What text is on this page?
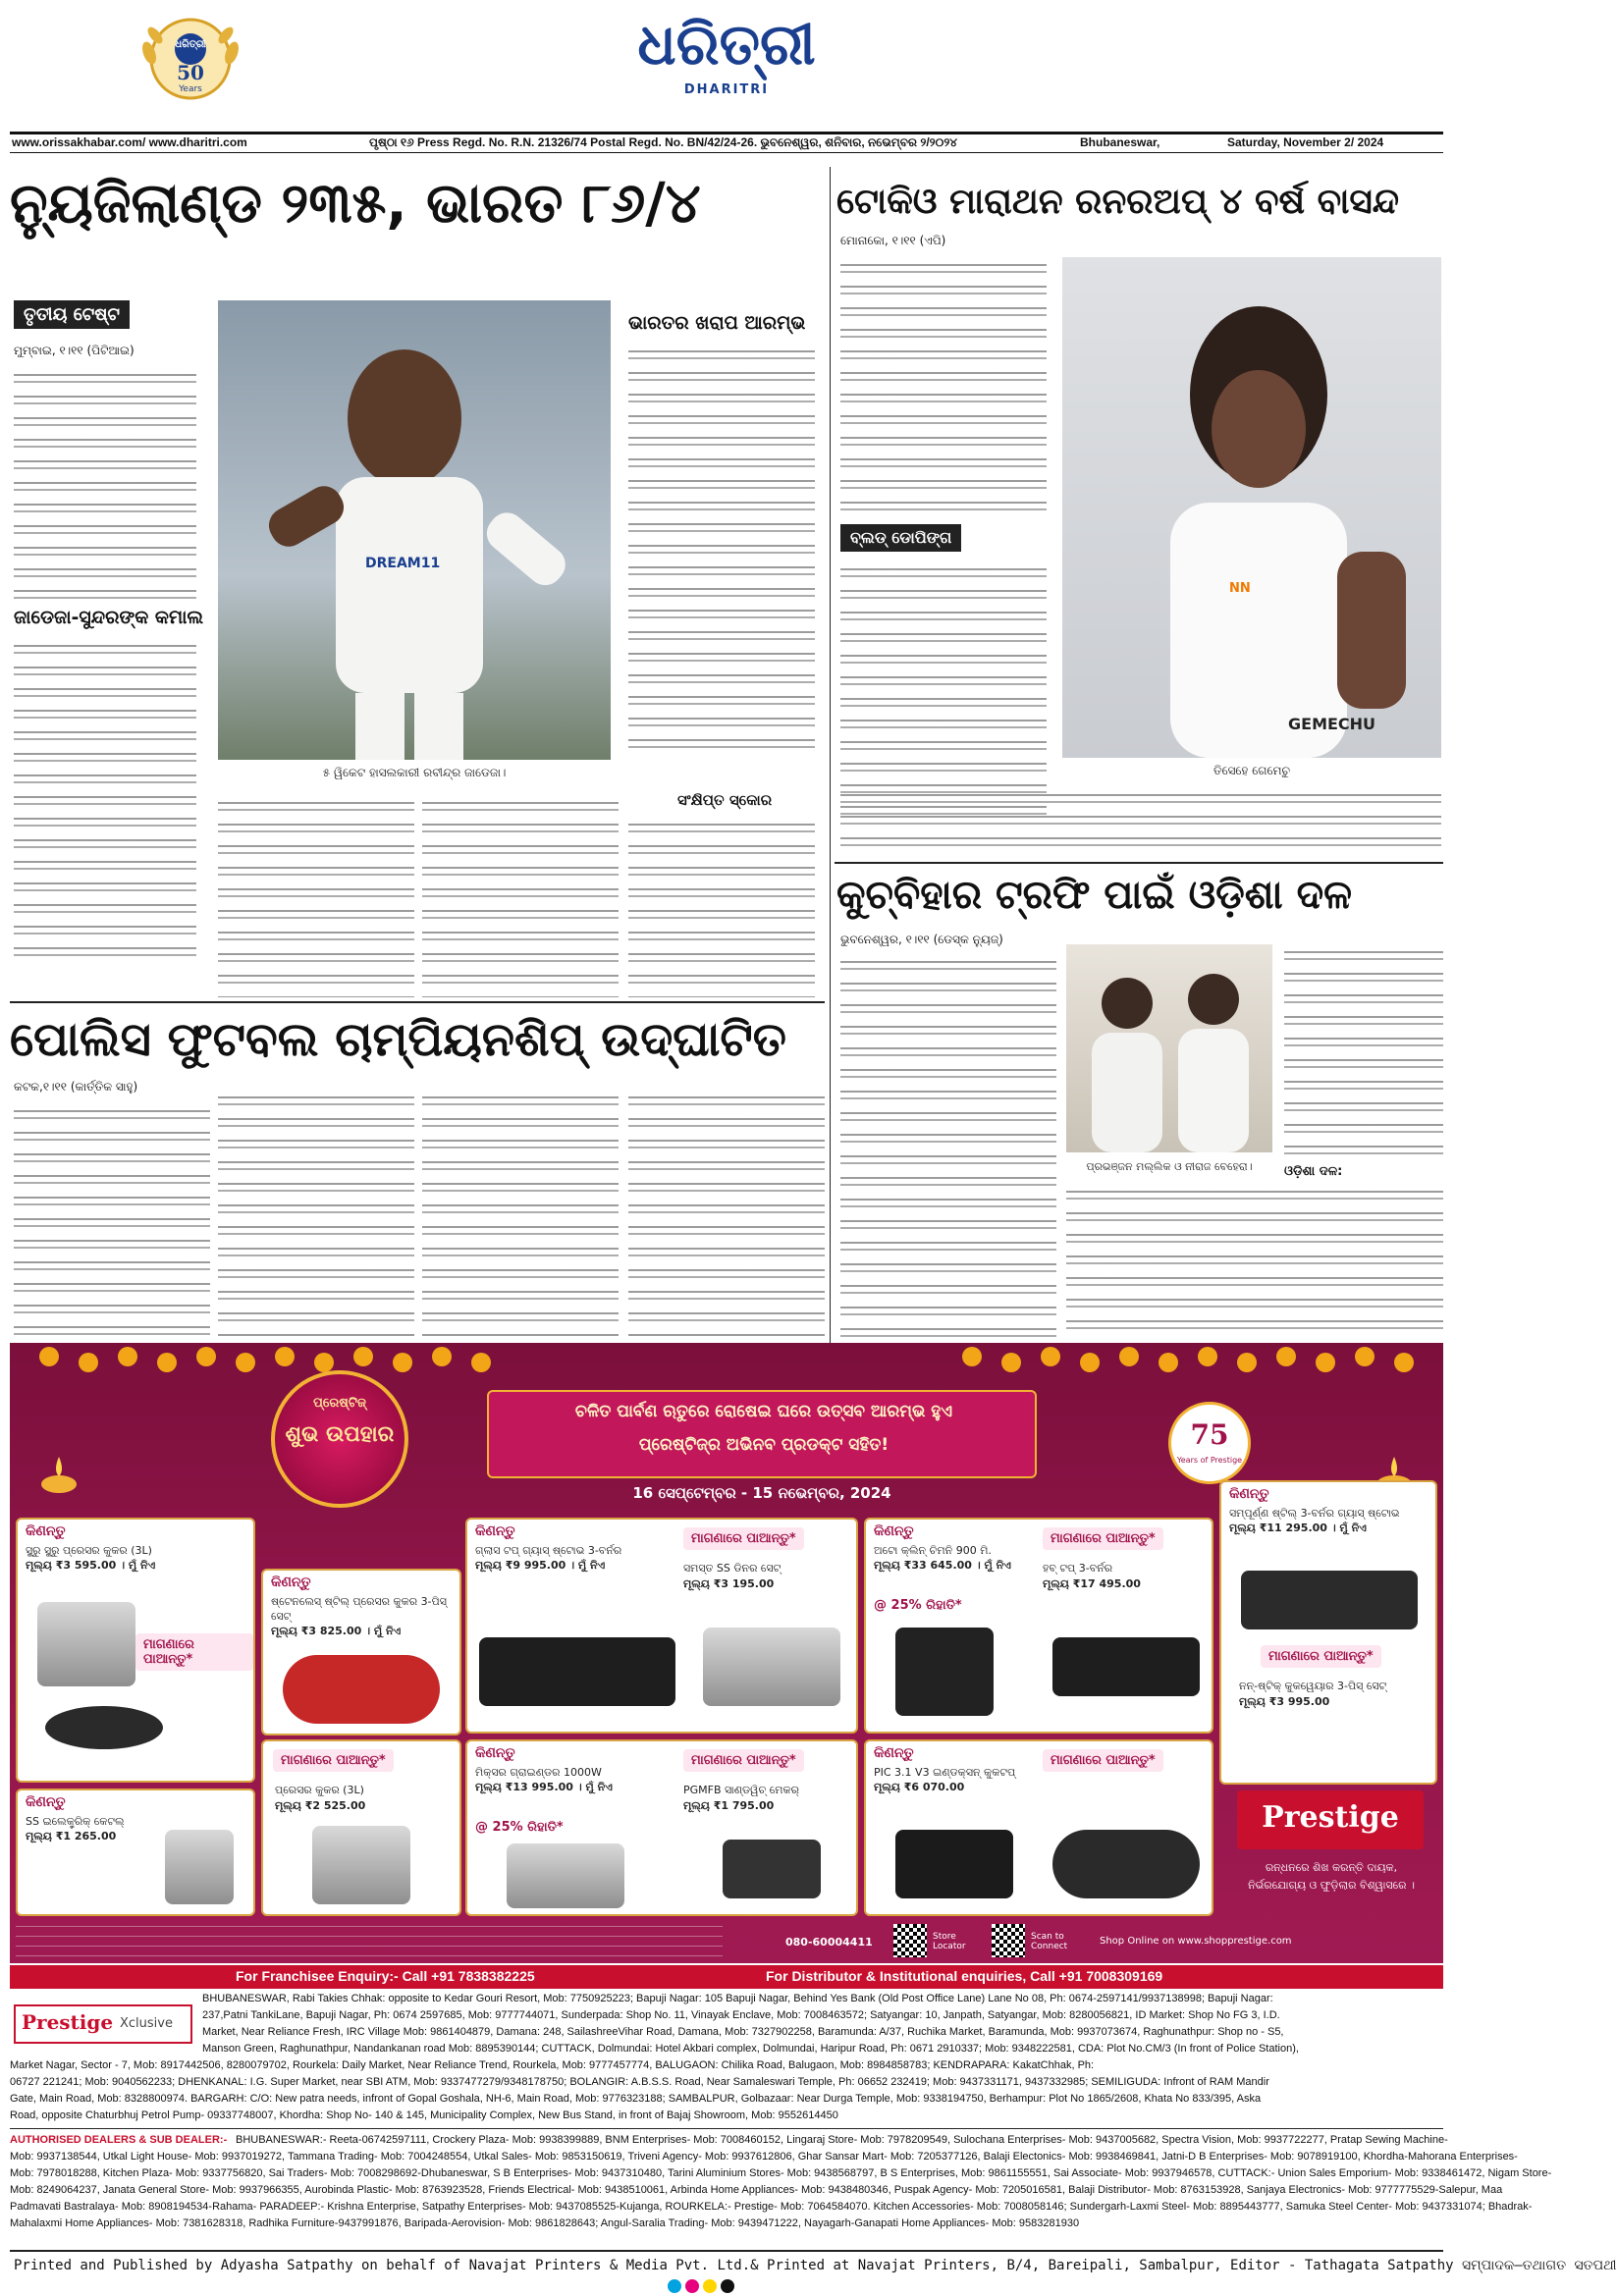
ଧରିତ୍ରୀ
50
Years
ଧରିତ୍ରୀ
DHARITRI
www.orissakhabar.com/ www.dharitri.com	ପୃଷ୍ଠା ୧୬ Press Regd. No. R.N. 21326/74 Postal Regd. No. BN/42/24-26. ଭୁବନେଶ୍ୱର, ଶନିବାର, ନଭେମ୍ବର ୨/୨୦୨୪	Bhubaneswar,	Saturday, November 2/ 2024
ନ୍ୟୁଜିଲାଣ୍ଡ ୨୩୫, ଭାରତ ୮୬/୪
ତୃତୀୟ ଟେଷ୍ଟ
ମୁମ୍ବାଇ, ୧।୧୧ (ପିଟିଆଇ)
ଜାଡେଜା-ସୁନ୍ଦରଙ୍କ କମାଲ
DREAM11
୫ ୱିକେଟ ହାସଲକାରୀ ରବୀନ୍ଦ୍ର ଜାଡେଜା।
ଭାରତର ଖରାପ ଆରମ୍ଭ
ସଂକ୍ଷିପ୍ତ ସ୍କୋର
ଟୋକିଓ ମାରାଥନ ରନରଅପ୍ ୪ ବର୍ଷ ବାସନ୍ଦ
ମୋନାକୋ, ୧।୧୧ (ଏପି)
ବ୍ଲଡ୍ ଡୋପିଙ୍ଗ
NN
GEMECHU
ତିସେହେ ଗେମେଚୁ
କୁଚ୍‌ବିହାର ଟ୍ରଫି ପାଇଁ ଓଡ଼ିଶା ଦଳ
ଭୁବନେଶ୍ୱର, ୧।୧୧ (ଡେସ୍କ ନ୍ୟୁଜ୍)
ପ୍ରଭଞ୍ଜନ ମଲ୍ଲିକ ଓ ନୀରାଜ ବେହେରା।	ଓଡ଼ିଶା ଦଳ:
ପୋଲିସ ଫୁଟବଲ ଚାମ୍ପିୟନଶିପ୍ ଉଦ୍‌ଘାଟିତ
କଟକ,୧।୧୧ (କାର୍ତ୍ତିକ ସାହୁ)
ପ୍ରେଷ୍ଟିଜ୍
ଶୁଭ ଉପହାର
ଚଳିତ ପାର୍ବଣ ଋତୁରେ ରୋଷେଇ ଘରେ ଉତ୍ସବ ଆରମ୍ଭ ହୁଏ
ପ୍ରେଷ୍ଟିଜ୍‌ର ଅଭିନବ ପ୍ରଡକ୍ଟ ସହିତ!
16 ସେପ୍ଟେମ୍ବର - 15 ନଭେମ୍ବର, 2024
75
Years of Prestige
କିଣନ୍ତୁ
ସ୍କ୍ରୁ ସ୍କ୍ରୁ ପ୍ରେସର କୁକର (3L)
ମୂଲ୍ୟ ₹3 595.00 । ମୁଁ ନିଏ
ମାଗଣାରେ ପାଆନ୍ତୁ*
କିଣନ୍ତୁ
ଷ୍ଟେନଲେସ୍ ଷ୍ଟିଲ୍ ପ୍ରେସର କୁକର 3-ପିସ୍ ସେଟ୍
ମୂଲ୍ୟ ₹3 825.00 । ମୁଁ ନିଏ
କିଣନ୍ତୁ
ଗ୍ଲାସ ଟପ୍ ଗ୍ୟାସ୍ ଷ୍ଟୋଭ 3-ବର୍ନର
ମୂଲ୍ୟ ₹9 995.00 । ମୁଁ ନିଏ
ମାଗଣାରେ ପାଆନ୍ତୁ*
ସମସ୍ତ SS ଡିନର ସେଟ୍
ମୂଲ୍ୟ ₹3 195.00
କିଣନ୍ତୁ
ଅଟୋ କ୍ଲିନ୍ ଚିମନି 900 ମି.
ମୂଲ୍ୟ ₹33 645.00 । ମୁଁ ନିଏ
@ 25% ରିହାତି*
ମାଗଣାରେ ପାଆନ୍ତୁ*
ହବ୍ ଟପ୍ 3-ବର୍ନର
ମୂଲ୍ୟ ₹17 495.00
କିଣନ୍ତୁ
ସମ୍ପୂର୍ଣ୍ଣ ଷ୍ଟିଲ୍ 3-ବର୍ନର ଗ୍ୟାସ୍ ଷ୍ଟୋଭ
ମୂଲ୍ୟ ₹11 295.00 । ମୁଁ ନିଏ
ମାଗଣାରେ ପାଆନ୍ତୁ*
ନନ୍-ଷ୍ଟିକ୍ କୁକୱେୟାର 3-ପିସ୍ ସେଟ୍
ମୂଲ୍ୟ ₹3 995.00
କିଣନ୍ତୁ
ମିକ୍ସର ଗ୍ରାଇଣ୍ଡର 1000W
ମୂଲ୍ୟ ₹13 995.00 । ମୁଁ ନିଏ
@ 25% ରିହାତି*
ମାଗଣାରେ ପାଆନ୍ତୁ*
PGMFB ସାଣ୍ଡୱିଚ୍ ମେକର୍
ମୂଲ୍ୟ ₹1 795.00
କିଣନ୍ତୁ
PIC 3.1 V3 ଇଣ୍ଡକ୍ସନ୍ କୁକଟପ୍
ମୂଲ୍ୟ ₹6 070.00
ମାଗଣାରେ ପାଆନ୍ତୁ*
କିଣନ୍ତୁ
SS ଇଲେକ୍ଟ୍ରିକ୍ କେଟଲ୍
ମୂଲ୍ୟ ₹1 265.00
ମାଗଣାରେ ପାଆନ୍ତୁ*
ପ୍ରେସର କୁକର (3L)
ମୂଲ୍ୟ ₹2 525.00	Prestige
ରନ୍ଧନରେ ଶିଖ କରନ୍ତି ଦାୟକ,
ନିର୍ଭରଯୋଗ୍ୟ ଓ ଫୁଡ଼ିଲାର ବିଶ୍ୱାସରେ ।
080-60004411	Store Locator
Scan to Connect	Shop Online on www.shopprestige.com
For Franchisee Enquiry:- Call +91 7838382225	For Distributor & Institutional enquiries, Call +91 7008309169
Prestige Xclusive
BHUBANESWAR, Rabi Takies Chhak: opposite to Kedar Gouri Resort, Mob: 7750925223; Bapuji Nagar: 105 Bapuji Nagar, Behind Yes Bank (Old Post Office Lane) Lane No 08, Ph: 0674-2597141/9937138998; Bapuji Nagar:
237,Patni TankiLane, Bapuji Nagar, Ph: 0674 2597685, Mob: 9777744071, Sunderpada: Shop No. 11, Vinayak Enclave, Mob: 7008463572; Satyangar: 10, Janpath, Satyangar, Mob: 8280056821, ID Market: Shop No FG 3, I.D.
Market, Near Reliance Fresh, IRC Village Mob: 9861404879, Damana: 248, SailashreeVihar Road, Damana, Mob: 7327902258, Baramunda: A/37, Ruchika Market, Baramunda, Mob: 9937073674, Raghunathpur: Shop no - S5,
Manson Green, Raghunathpur, Nandankanan road Mob: 8895390144; CUTTACK, Dolmundai: Hotel Akbari complex, Dolmundai, Haripur Road, Ph: 0671 2910337; Mob: 9348222581, CDA: Plot No.CM/3 (In front of Police Station),
Market Nagar, Sector - 7, Mob: 8917442506, 8280079702, Rourkela: Daily Market, Near Reliance Trend, Rourkela, Mob: 9777457774, BALUGAON: Chilika Road, Balugaon, Mob: 8984858783; KENDRAPARA: KakatChhak, Ph:
06727 221241; Mob: 9040562233; DHENKANAL: I.G. Super Market, near SBI ATM, Mob: 9337477279/9348178750; BOLANGIR: A.B.S.S. Road, Near Samaleswari Temple, Ph: 06652 232419; Mob: 9437331171, 9437332985; SEMILIGUDA: Infront of RAM Mandir
Gate, Main Road, Mob: 8328800974. BARGARH: C/O: New patra needs, infront of Gopal Goshala, NH-6, Main Road, Mob: 9776323188; SAMBALPUR, Golbazaar: Near Durga Temple, Mob: 9338194750, Berhampur: Plot No 1865/2608, Khata No 833/395, Aska
Road, opposite Chaturbhuj Petrol Pump- 09337748007, Khordha: Shop No- 140 & 145, Municipality Complex, New Bus Stand, in front of Bajaj Showroom, Mob: 9552614450
AUTHORISED DEALERS & SUB DEALER:- BHUBANESWAR:- Reeta-06742597111, Crockery Plaza- Mob: 9938399889, BNM Enterprises- Mob: 7008460152, Lingaraj Store- Mob: 7978209549, Sulochana Enterprises- Mob: 9437005682, Spectra Vision, Mob: 9937722277, Pratap Sewing Machine-
Mob: 9937138544, Utkal Light House- Mob: 9937019272, Tammana Trading- Mob: 7004248554, Utkal Sales- Mob: 9853150619, Triveni Agency- Mob: 9937612806, Ghar Sansar Mart- Mob: 7205377126, Balaji Electonics- Mob: 9938469841, Jatni-D B Enterprises- Mob: 9078919100, Khordha-Mahorana Enterprises-
Mob: 7978018288, Kitchen Plaza- Mob: 9337756820, Sai Traders- Mob: 7008298692-Dhubaneswar, S B Enterprises- Mob: 9437310480, Tarini Aluminium Stores- Mob: 9438568797, B S Enterprises, Mob: 9861155551, Sai Associate- Mob: 9937946578, CUTTACK:- Union Sales Emporium- Mob: 9338461472, Nigam Store-
Mob: 8249064237, Janata General Store- Mob: 9937966355, Aurobinda Plastic- Mob: 8763923528, Friends Electrical- Mob: 9438510061, Arbinda Home Appliances- Mob: 9438480346, Puspak Agency- Mob: 7205016581, Balaji Distributor- Mob: 8763153928, Sanjaya Electronics- Mob: 9777775529-Salepur, Maa
Padmavati Bastralaya- Mob: 8908194534-Rahama- PARADEEP:- Krishna Enterprise, Satpathy Enterprises- Mob: 9437085525-Kujanga, ROURKELA:- Prestige- Mob: 7064584070. Kitchen Accessories- Mob: 7008058146; Sundergarh-Laxmi Steel- Mob: 8895443777, Samuka Steel Center- Mob: 9437331074; Bhadrak-
Mahalaxmi Home Appliances- Mob: 7381628318, Radhika Furniture-9437991876, Baripada-Aerovision- Mob: 9861828643; Angul-Saralia Trading- Mob: 9439471222, Nayagarh-Ganapati Home Appliances- Mob: 9583281930
Printed and Published by Adyasha Satpathy on behalf of Navajat Printers & Media Pvt. Ltd.& Printed at Navajat Printers, B/4, Bareipali, Sambalpur, Editor - Tathagata Satpathy ସମ୍ପାଦକ–ତଥାଗତ ସତପଥୀ
